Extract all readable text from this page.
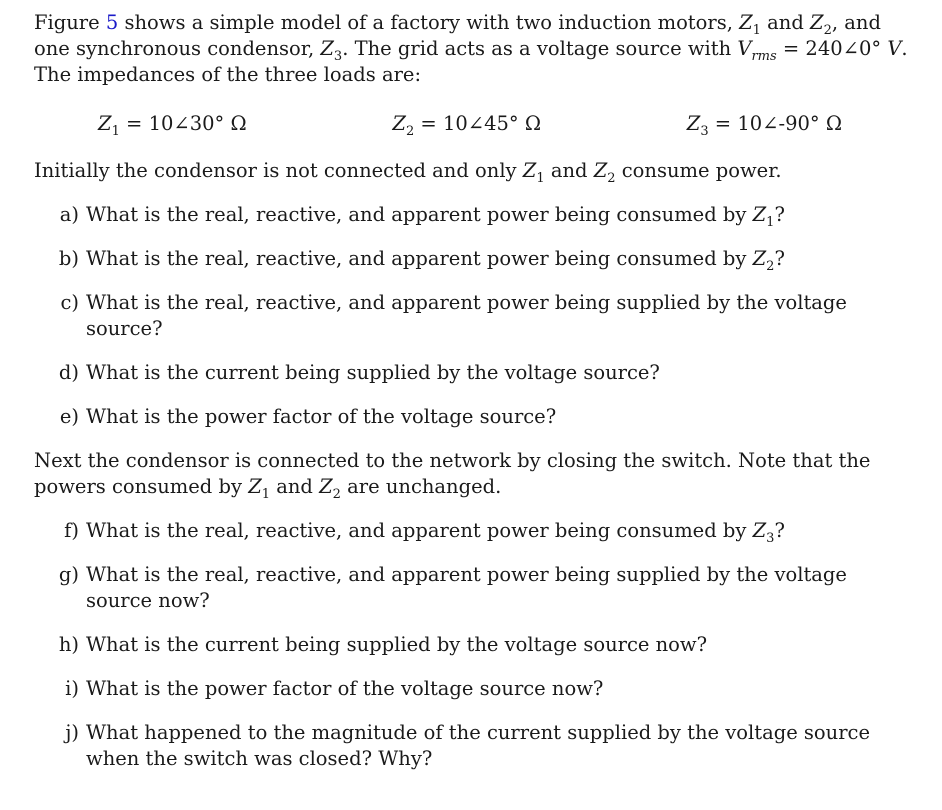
Figure 5 shows a simple model of a factory with two induction motors, $Z_1$ and $Z_2$, and one synchronous condensor, $Z_3$. The grid acts as a voltage source with $V_{rms}$ = 240∠0° V. The impedances of the three loads are:

$Z_1$ = 10∠30° Ω	$Z_2$ = 10∠45° Ω	$Z_3$ = 10∠-90° Ω

Initially the condensor is not connected and only $Z_1$ and $Z_2$ consume power.

a) What is the real, reactive, and apparent power being consumed by $Z_1$?
b) What is the real, reactive, and apparent power being consumed by $Z_2$?
c) What is the real, reactive, and apparent power being supplied by the voltage source?
d) What is the current being supplied by the voltage source?
e) What is the power factor of the voltage source?

Next the condensor is connected to the network by closing the switch. Note that the powers consumed by $Z_1$ and $Z_2$ are unchanged.

f) What is the real, reactive, and apparent power being consumed by $Z_3$?
g) What is the real, reactive, and apparent power being supplied by the voltage source now?
h) What is the current being supplied by the voltage source now?
i) What is the power factor of the voltage source now?
j) What happened to the magnitude of the current supplied by the voltage source when the switch was closed? Why?
